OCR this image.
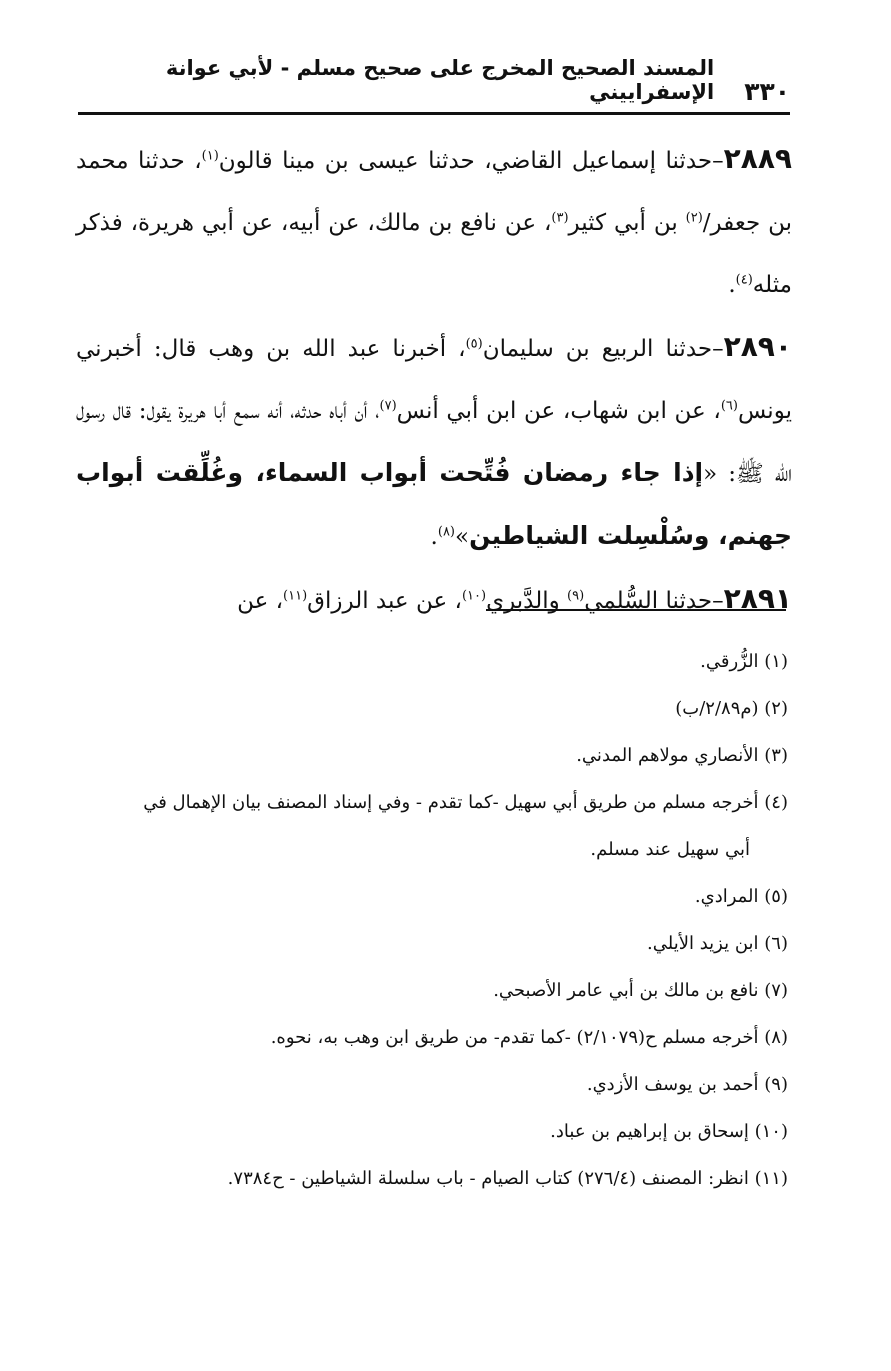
٣٣٠
المسند الصحيح المخرج على صحيح مسلم - لأبي عوانة الإسفراييني

٢٨٨٩–حدثنا إسماعيل القاضي، حدثنا عيسى بن مينا قالون$^{(١)}$، حدثنا محمد بن جعفر/$^{(٢)}$ بن أبي كثير$^{(٣)}$، عن نافع بن مالك، عن أبيه، عن أبي هريرة، فذكر مثله$^{(٤)}$.

٢٨٩٠–حدثنا الربيع بن سليمان$^{(٥)}$، أخبرنا عبد الله بن وهب قال: أخبرني يونس$^{(٦)}$، عن ابن شهاب، عن ابن أبي أنس$^{(٧)}$، أن أباه حدثه، أنه سمع أبا هريرة يقول: قال رسول الله ﷺ: «إذا جاء رمضان فُتِّحت أبواب السماء، وغُلِّقت أبواب جهنم، وسُلْسِلت الشياطين»$^{(٨)}$.

٢٨٩١–حدثنا السُّلمي$^{(٩)}$ والدَّبري$^{(١٠)}$، عن عبد الرزاق$^{(١١)}$، عن

(١) الزُّرقي.

(٢) (م٢/٨٩/ب)

(٣) الأنصاري مولاهم المدني.

(٤) أخرجه مسلم من طريق أبي سهيل -كما تقدم - وفي إسناد المصنف بيان الإهمال في
أبي سهيل عند مسلم.

(٥) المرادي.

(٦) ابن يزيد الأيلي.

(٧) نافع بن مالك بن أبي عامر الأصبحي.

(٨) أخرجه مسلم ح(٢/١٠٧٩) -كما تقدم- من طريق ابن وهب به، نحوه.

(٩) أحمد بن يوسف الأزدي.

(١٠) إسحاق بن إبراهيم بن عباد.

(١١) انظر: المصنف (٢٧٦/٤) كتاب الصيام - باب سلسلة الشياطين - ح٧٣٨٤.
